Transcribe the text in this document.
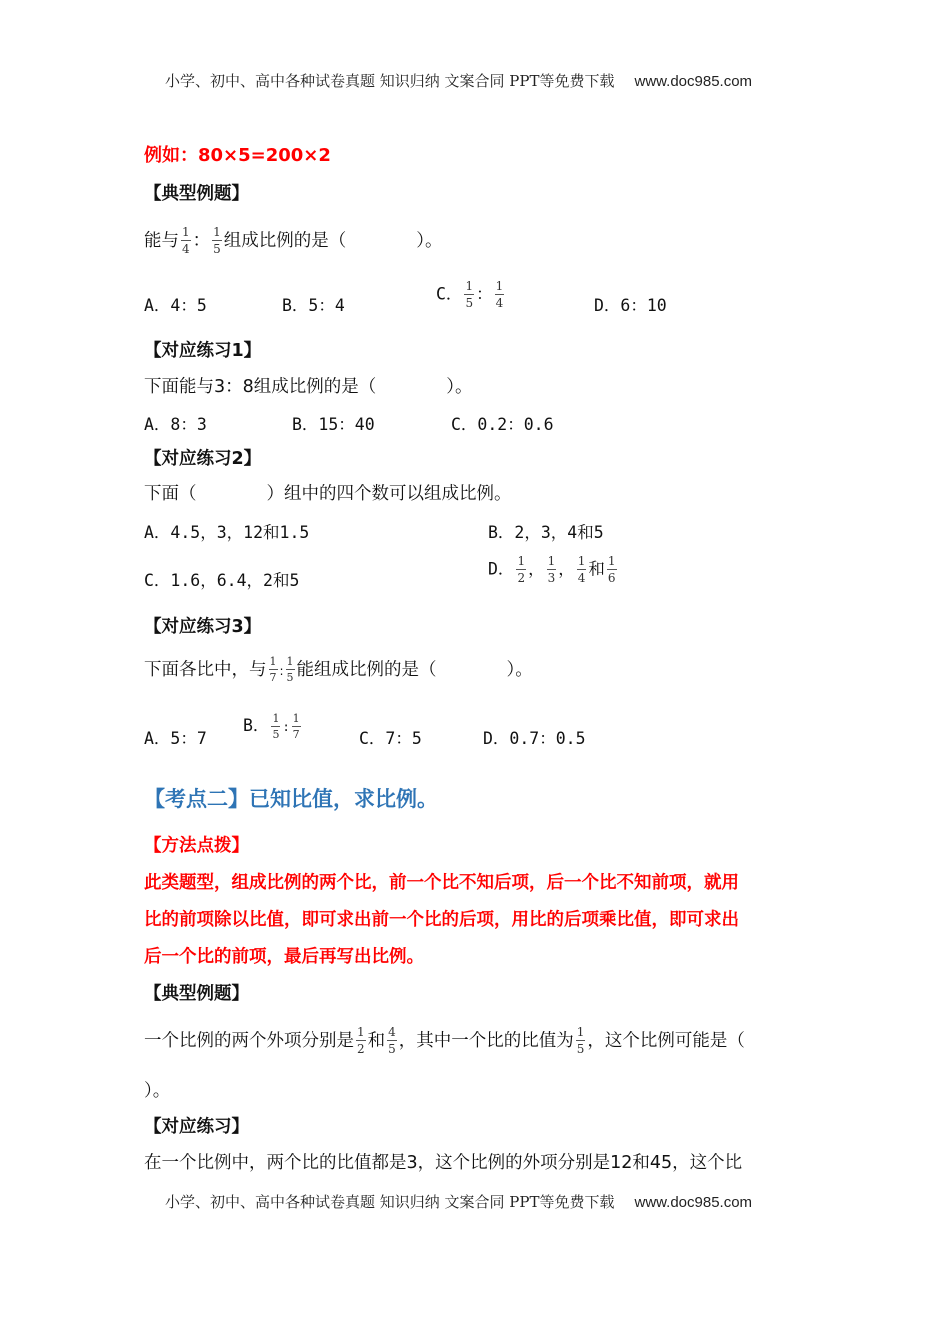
小学、初中、高中各种试卷真题 知识归纳 文案合同 PPT等免费下载 www.doc985.com
例如：80×5=200×2
【典型例题】
能与 $\frac{1}{4}$ ： $\frac{1}{5}$ 组成比例的是（　　　　）。
A．4：5	B．5：4
C． $\frac{1}{5}$ ： $\frac{1}{4}$	D．6：10
【对应练习1】
下面能与3：8组成比例的是（　　　　）。
A．8：3	B．15：40	C．0.2：0.6
【对应练习2】
下面（　　　　）组中的四个数可以组成比例。
A．4.5，3，12和1.5	B．2，3，4和5
C．1.6，6.4，2和5
D． $\frac{1}{2}$ ， $\frac{1}{3}$ ， $\frac{1}{4}$ 和 $\frac{1}{6}$
【对应练习3】
下面各比中，与 $\frac{1}{7}$ : $\frac{1}{5}$ 能组成比例的是（　　　　）。
A．5：7
B． $\frac{1}{5}$ : $\frac{1}{7}$	C．7：5	D．0.7：0.5
【考点二】已知比值，求比例。
【方法点拨】
此类题型，组成比例的两个比，前一个比不知后项，后一个比不知前项，就用
比的前项除以比值，即可求出前一个比的后项，用比的后项乘比值，即可求出
后一个比的前项，最后再写出比例。
【典型例题】
一个比例的两个外项分别是 $\frac{1}{2}$ 和 $\frac{4}{5}$ ，其中一个比的比值为 $\frac{1}{5}$ ，这个比例可能是（
）。
【对应练习】
在一个比例中，两个比的比值都是3，这个比例的外项分别是12和45，这个比
小学、初中、高中各种试卷真题 知识归纳 文案合同 PPT等免费下载 www.doc985.com
